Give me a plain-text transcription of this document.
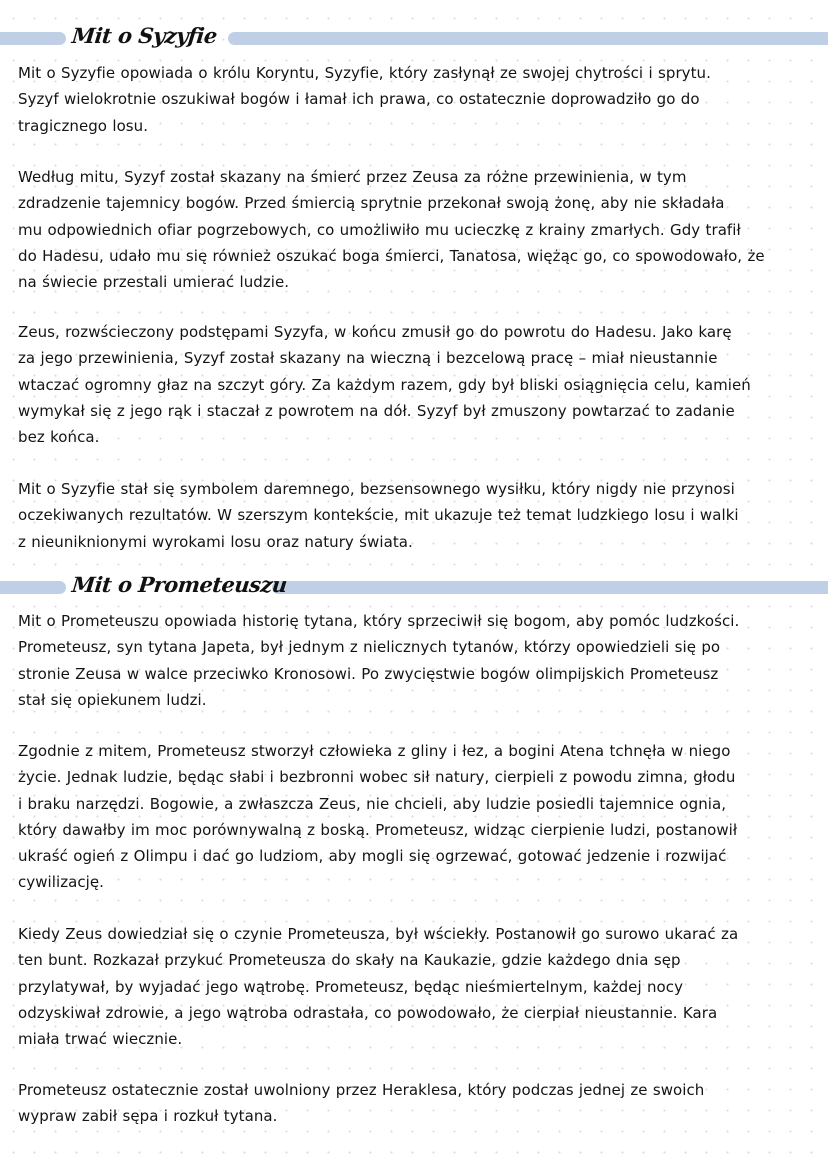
Mit o Syzyfie

Mit o Syzyfie opowiada o królu Koryntu, Syzyfie, który zasłynął ze swojej chytrości i sprytu.
Syzyf wielokrotnie oszukiwał bogów i łamał ich prawa, co ostatecznie doprowadziło go do
tragicznego losu.

Według mitu, Syzyf został skazany na śmierć przez Zeusa za różne przewinienia, w tym
zdradzenie tajemnicy bogów. Przed śmiercią sprytnie przekonał swoją żonę, aby nie składała
mu odpowiednich ofiar pogrzebowych, co umożliwiło mu ucieczkę z krainy zmarłych. Gdy trafił
do Hadesu, udało mu się również oszukać boga śmierci, Tanatosa, więżąc go, co spowodowało, że
na świecie przestali umierać ludzie.

Zeus, rozwścieczony podstępami Syzyfa, w końcu zmusił go do powrotu do Hadesu. Jako karę
za jego przewinienia, Syzyf został skazany na wieczną i bezcelową pracę – miał nieustannie
wtaczać ogromny głaz na szczyt góry. Za każdym razem, gdy był bliski osiągnięcia celu, kamień
wymykał się z jego rąk i staczał z powrotem na dół. Syzyf był zmuszony powtarzać to zadanie
bez końca.

Mit o Syzyfie stał się symbolem daremnego, bezsensownego wysiłku, który nigdy nie przynosi
oczekiwanych rezultatów. W szerszym kontekście, mit ukazuje też temat ludzkiego losu i walki
z nieuniknionymi wyrokami losu oraz natury świata.

Mit o Prometeuszu

Mit o Prometeuszu opowiada historię tytana, który sprzeciwił się bogom, aby pomóc ludzkości.
Prometeusz, syn tytana Japeta, był jednym z nielicznych tytanów, którzy opowiedzieli się po
stronie Zeusa w walce przeciwko Kronosowi. Po zwycięstwie bogów olimpijskich Prometeusz
stał się opiekunem ludzi.

Zgodnie z mitem, Prometeusz stworzył człowieka z gliny i łez, a bogini Atena tchnęła w niego
życie. Jednak ludzie, będąc słabi i bezbronni wobec sił natury, cierpieli z powodu zimna, głodu
i braku narzędzi. Bogowie, a zwłaszcza Zeus, nie chcieli, aby ludzie posiedli tajemnice ognia,
który dawałby im moc porównywalną z boską. Prometeusz, widząc cierpienie ludzi, postanowił
ukraść ogień z Olimpu i dać go ludziom, aby mogli się ogrzewać, gotować jedzenie i rozwijać
cywilizację.

Kiedy Zeus dowiedział się o czynie Prometeusza, był wściekły. Postanowił go surowo ukarać za
ten bunt. Rozkazał przykuć Prometeusza do skały na Kaukazie, gdzie każdego dnia sęp
przylatywał, by wyjadać jego wątrobę. Prometeusz, będąc nieśmiertelnym, każdej nocy
odzyskiwał zdrowie, a jego wątroba odrastała, co powodowało, że cierpiał nieustannie. Kara
miała trwać wiecznie.

Prometeusz ostatecznie został uwolniony przez Heraklesa, który podczas jednej ze swoich
wypraw zabił sępa i rozkuł tytana.
